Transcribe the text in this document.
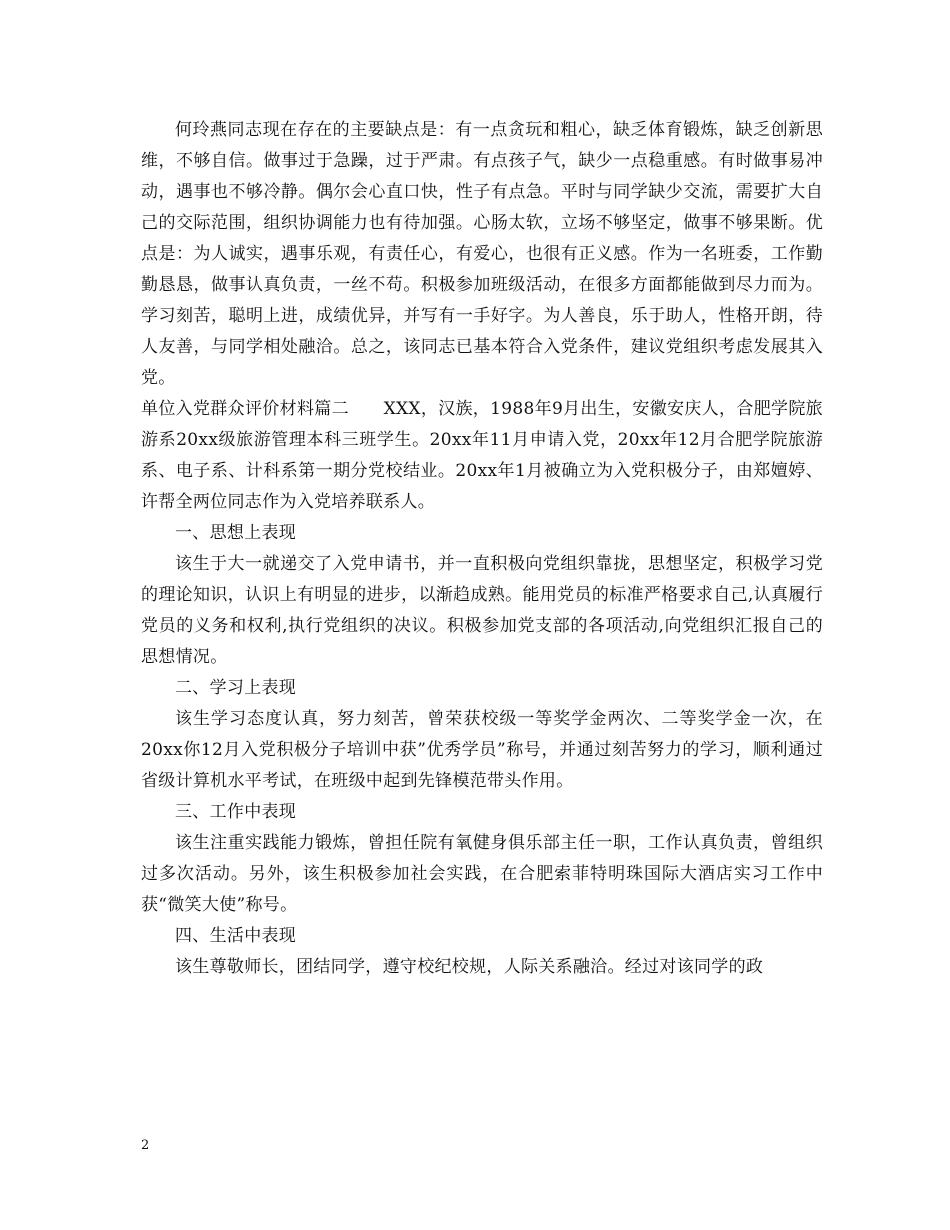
何玲燕同志现在存在的主要缺点是：有一点贪玩和粗心，缺乏体育锻炼，缺乏创新思维，不够自信。做事过于急躁，过于严肃。有点孩子气，缺少一点稳重感。有时做事易冲动，遇事也不够冷静。偶尔会心直口快，性子有点急。平时与同学缺少交流，需要扩大自己的交际范围，组织协调能力也有待加强。心肠太软，立场不够坚定，做事不够果断。优点是：为人诚实，遇事乐观，有责任心，有爱心，也很有正义感。作为一名班委，工作勤勤恳恳，做事认真负责，一丝不苟。积极参加班级活动，在很多方面都能做到尽力而为。学习刻苦，聪明上进，成绩优异，并写有一手好字。为人善良，乐于助人，性格开朗，待人友善，与同学相处融洽。总之，该同志已基本符合入党条件，建议党组织考虑发展其入党。

单位入党群众评价材料篇二　　XXX，汉族，1988年9月出生，安徽安庆人，合肥学院旅游系20xx级旅游管理本科三班学生。20xx年11月申请入党，20xx年12月合肥学院旅游系、电子系、计科系第一期分党校结业。20xx年1月被确立为入党积极分子，由郑嬗婷、许帮全两位同志作为入党培养联系人。

一、思想上表现

该生于大一就递交了入党申请书，并一直积极向党组织靠拢，思想坚定，积极学习党的理论知识，认识上有明显的进步，以渐趋成熟。能用党员的标准严格要求自己,认真履行党员的义务和权利,执行党组织的决议。积极参加党支部的各项活动,向党组织汇报自己的思想情况。

二、学习上表现

该生学习态度认真，努力刻苦，曾荣获校级一等奖学金两次、二等奖学金一次，在20xx你12月入党积极分子培训中获”优秀学员”称号，并通过刻苦努力的学习，顺利通过省级计算机水平考试，在班级中起到先锋模范带头作用。

三、工作中表现

该生注重实践能力锻炼，曾担任院有氧健身俱乐部主任一职，工作认真负责，曾组织过多次活动。另外，该生积极参加社会实践，在合肥索菲特明珠国际大酒店实习工作中获“微笑大使”称号。

四、生活中表现

该生尊敬师长，团结同学，遵守校纪校规，人际关系融洽。经过对该同学的政

2
